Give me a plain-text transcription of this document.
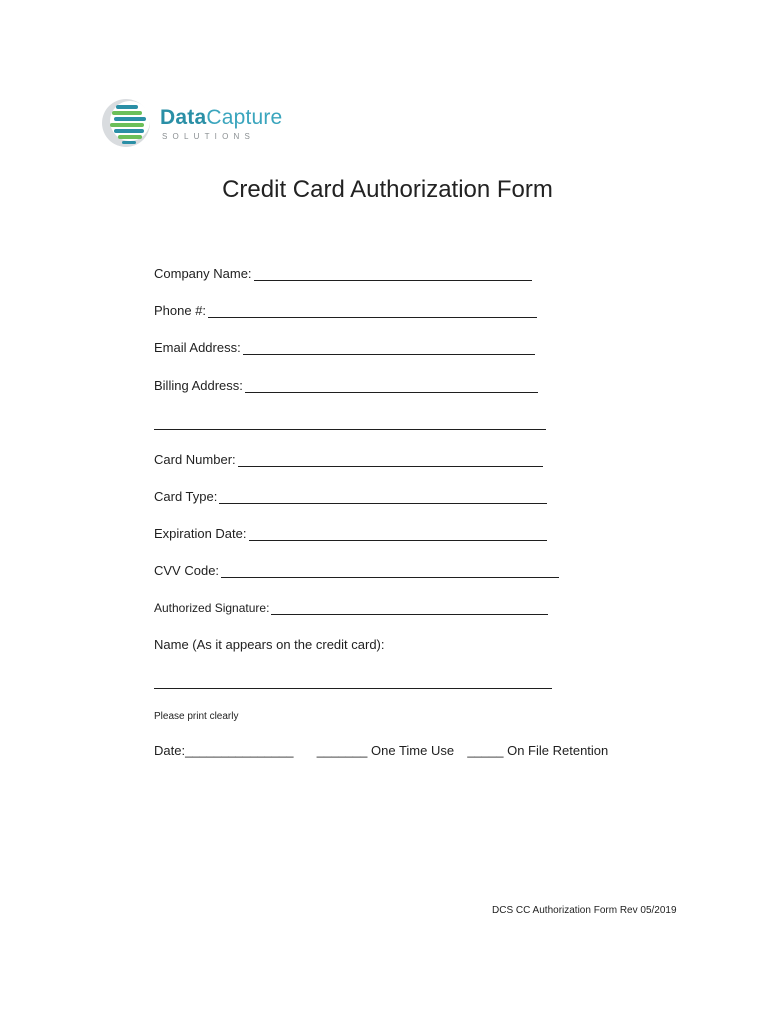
DataCapture
SOLUTIONS
Credit Card Authorization Form
Company Name:
Phone #:
Email Address:
Billing Address:
Card Number:
Card Type:
Expiration Date:
CVV Code:
Authorized Signature:
Name (As it appears on the credit card):
Please print clearly
Date:_______________ _______ One Time Use _____ On File Retention
DCS CC Authorization Form Rev 05/2019
